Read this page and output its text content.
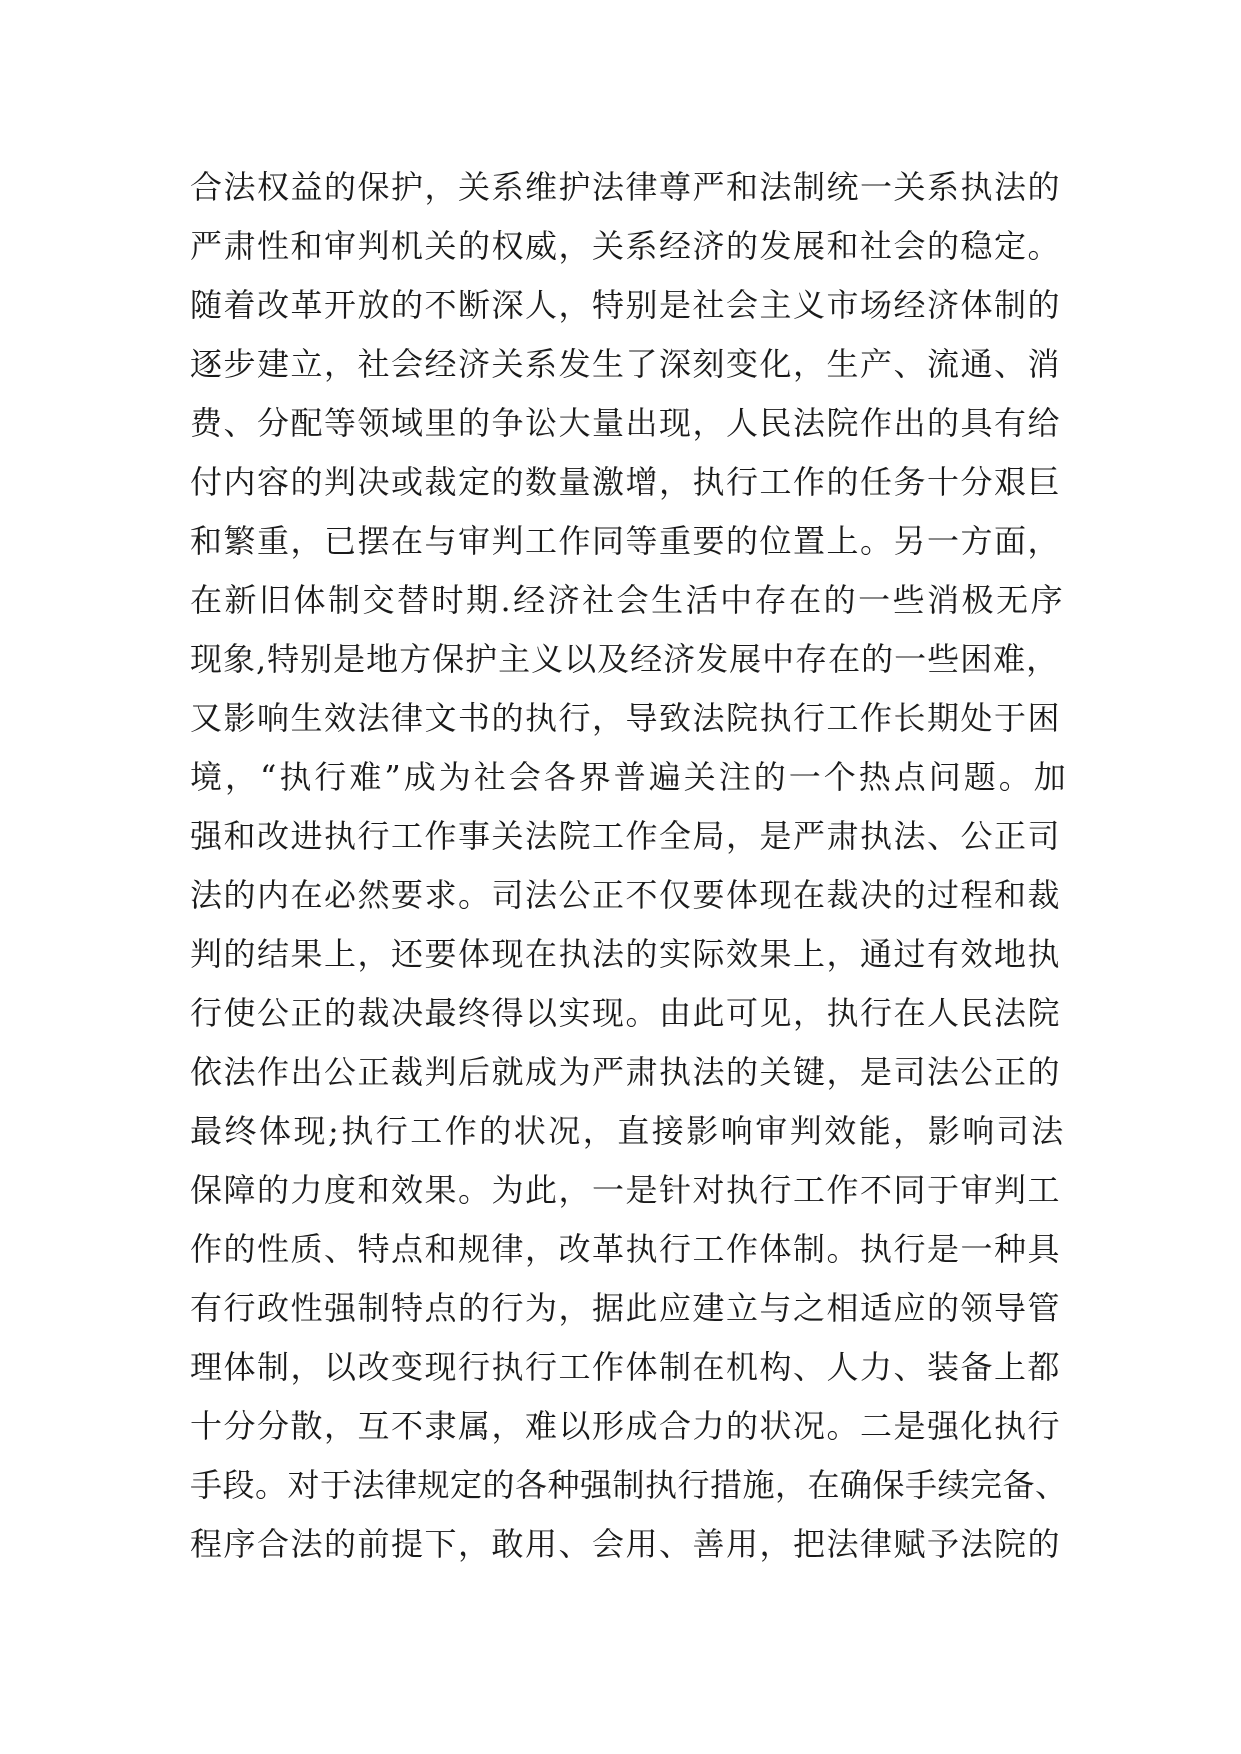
合法权益的保护，关系维护法律尊严和法制统一关系执法的
严肃性和审判机关的权威，关系经济的发展和社会的稳定。
随着改革开放的不断深人，特别是社会主义市场经济体制的
逐步建立，社会经济关系发生了深刻变化，生产、流通、消
费、分配等领域里的争讼大量出现，人民法院作出的具有给
付内容的判决或裁定的数量激增，执行工作的任务十分艰巨
和繁重，已摆在与审判工作同等重要的位置上。另一方面，
在新旧体制交替时期.经济社会生活中存在的一些消极无序
现象,特别是地方保护主义以及经济发展中存在的一些困难，
又影响生效法律文书的执行，导致法院执行工作长期处于困
境，“执行难”成为社会各界普遍关注的一个热点问题。加
强和改进执行工作事关法院工作全局，是严肃执法、公正司
法的内在必然要求。司法公正不仅要体现在裁决的过程和裁
判的结果上，还要体现在执法的实际效果上，通过有效地执
行使公正的裁决最终得以实现。由此可见，执行在人民法院
依法作出公正裁判后就成为严肃执法的关键，是司法公正的
最终体现;执行工作的状况，直接影响审判效能，影响司法
保障的力度和效果。为此，一是针对执行工作不同于审判工
作的性质、特点和规律，改革执行工作体制。执行是一种具
有行政性强制特点的行为，据此应建立与之相适应的领导管
理体制，以改变现行执行工作体制在机构、人力、装备上都
十分分散，互不隶属，难以形成合力的状况。二是强化执行
手段。对于法律规定的各种强制执行措施，在确保手续完备、
程序合法的前提下，敢用、会用、善用，把法律赋予法院的
